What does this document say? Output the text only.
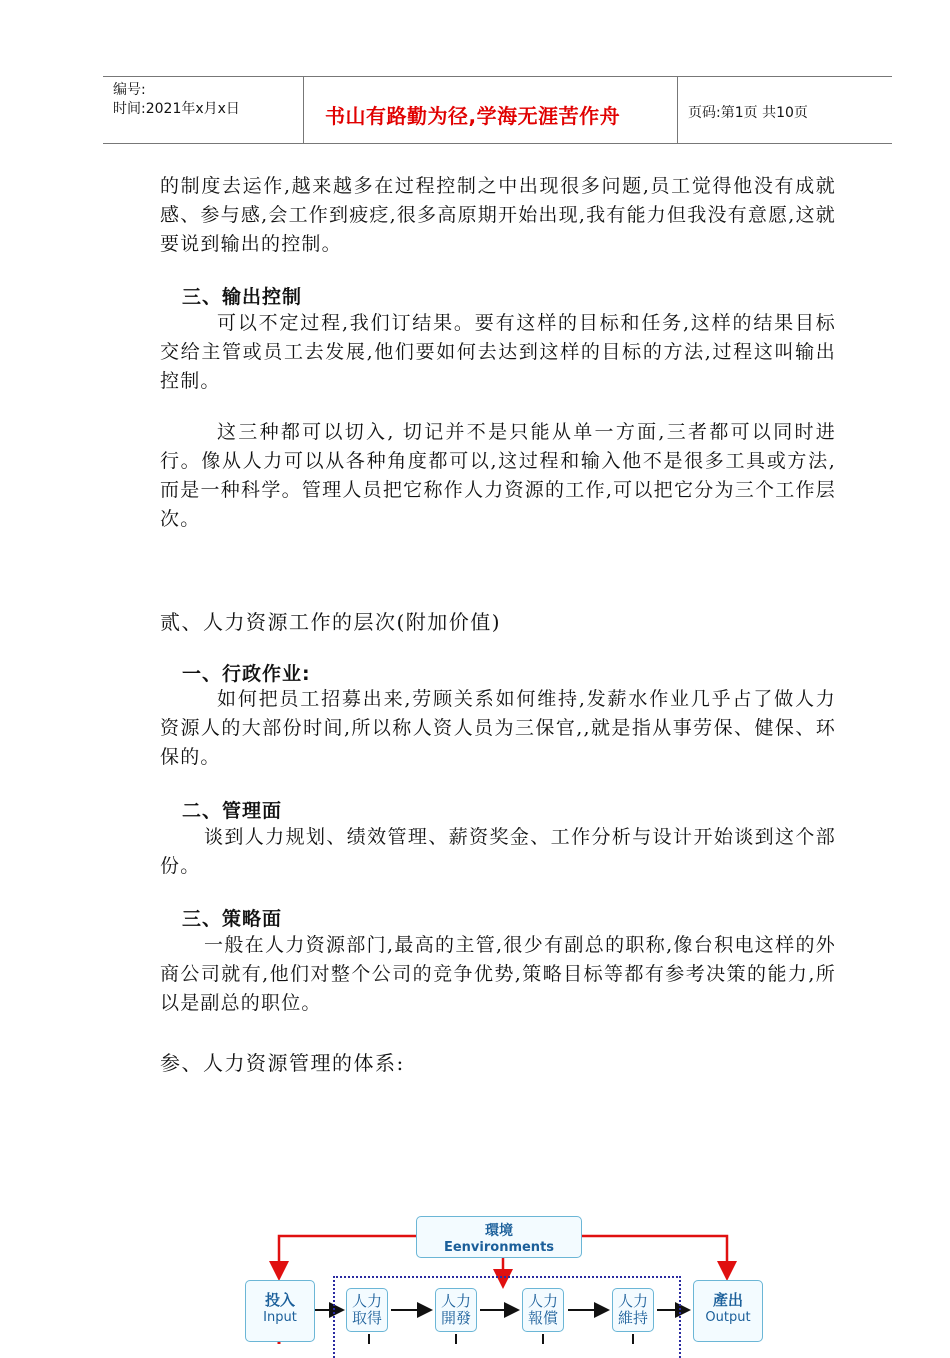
编号:
时间:2021年x月x日	书山有路勤为径,学海无涯苦作舟	页码:第1页 共10页

的制度去运作,越来越多在过程控制之中出现很多问题,员工觉得他没有成就感、参与感,会工作到疲疺,很多高原期开始出现,我有能力但我没有意愿,这就要说到输出的控制。

三、输出控制

可以不定过程,我们订结果。要有这样的目标和任务,这样的结果目标交给主管或员工去发展,他们要如何去达到这样的目标的方法,过程这叫输出控制。

这三种都可以切入, 切记并不是只能从单一方面,三者都可以同时进行。像从人力可以从各种角度都可以,这过程和输入他不是很多工具或方法,而是一种科学。管理人员把它称作人力资源的工作,可以把它分为三个工作层次。

贰、人力资源工作的层次(附加价值)
一、行政作业:

如何把员工招募出来,劳顾关系如何维持,发薪水作业几乎占了做人力资源人的大部份时间,所以称人资人员为三保官,,就是指从事劳保、健保、环保的。

二、管理面

谈到人力规划、绩效管理、薪资奖金、工作分析与设计开始谈到这个部份。

三、策略面

一般在人力资源部门,最高的主管,很少有副总的职称,像台积电这样的外商公司就有,他们对整个公司的竞争优势,策略目标等都有参考决策的能力,所以是副总的职位。

参、人力资源管理的体系:
環境
Eenvironments
投入
Input
人力
取得
人力
開發
人力
報償
人力
維持
產出
Output
